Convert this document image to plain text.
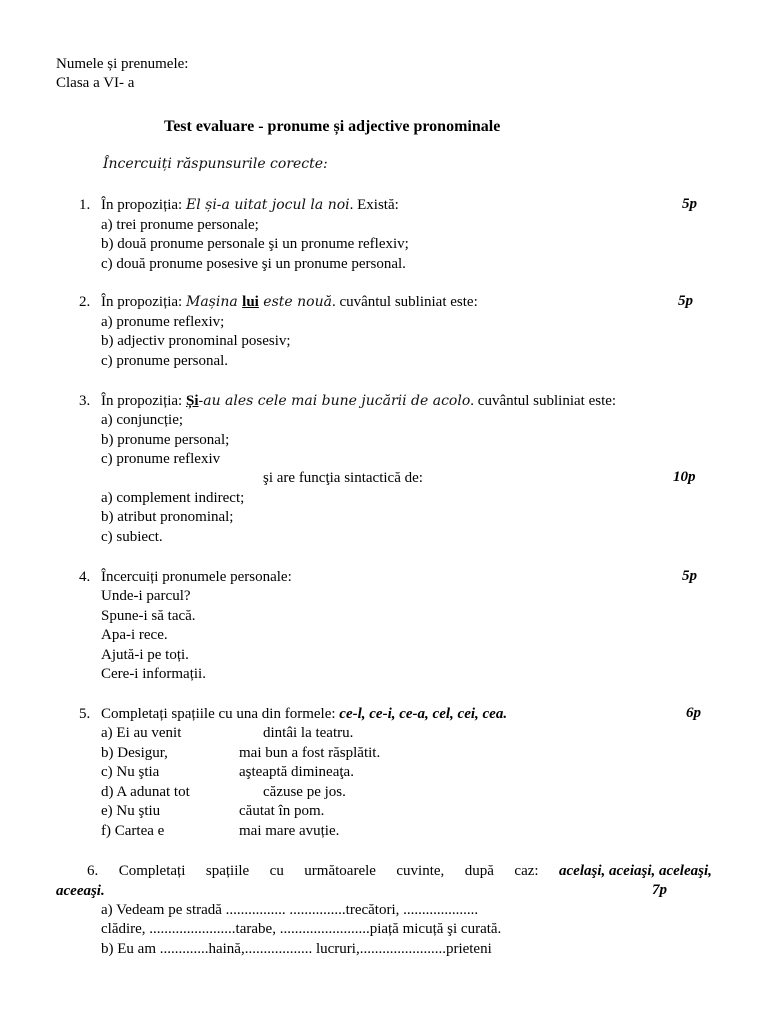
Numele și prenumele:
Clasa a VI- a
Test evaluare - pronume și adjective pronominale
Încercuiți răspunsurile corecte:
1. În propoziția: El și-a uitat jocul la noi. Există:	5p
a) trei pronume personale;
b) două pronume personale şi un pronume reflexiv;
c) două pronume posesive şi un pronume personal.
2. În propoziția: Mașina lui este nouă. cuvântul subliniat este:	5p
a) pronume reflexiv;
b) adjectiv pronominal posesiv;
c) pronume personal.
3. În propoziția: Și-au ales cele mai bune jucării de acolo. cuvântul subliniat este:
a) conjuncție;
b) pronume personal;
c) pronume reflexiv
şi are funcţia sintactică de:	10p
a) complement indirect;
b) atribut pronominal;
c) subiect.
4. Încercuiți pronumele personale:	5p
Unde-i parcul?
Spune-i să tacă.
Apa-i rece.
Ajută-i pe toți.
Cere-i informații.
5. Completați spațiile cu una din formele: ce-l, ce-i, ce-a, cel, cei, cea.	6p
a) Ei au venit	dintâi la teatru.
b) Desigur,	mai bun a fost răsplătit.
c) Nu ştia	aşteaptă dimineaţa.
d) A adunat tot	căzuse pe jos.
e) Nu ştiu	căutat în pom.
f) Cartea e	mai mare avuție.
6. Completați spațiile cu următoarele cuvinte, după caz: acelaşi, aceiaşi, aceleaşi,
aceeaşi.	7p
a) Vedeam pe stradă ................ ...............trecători, ....................
clădire, .......................tarabe, ........................piață micuță şi curată.
b) Eu am .............haină,.................. lucruri,.......................prieteni
